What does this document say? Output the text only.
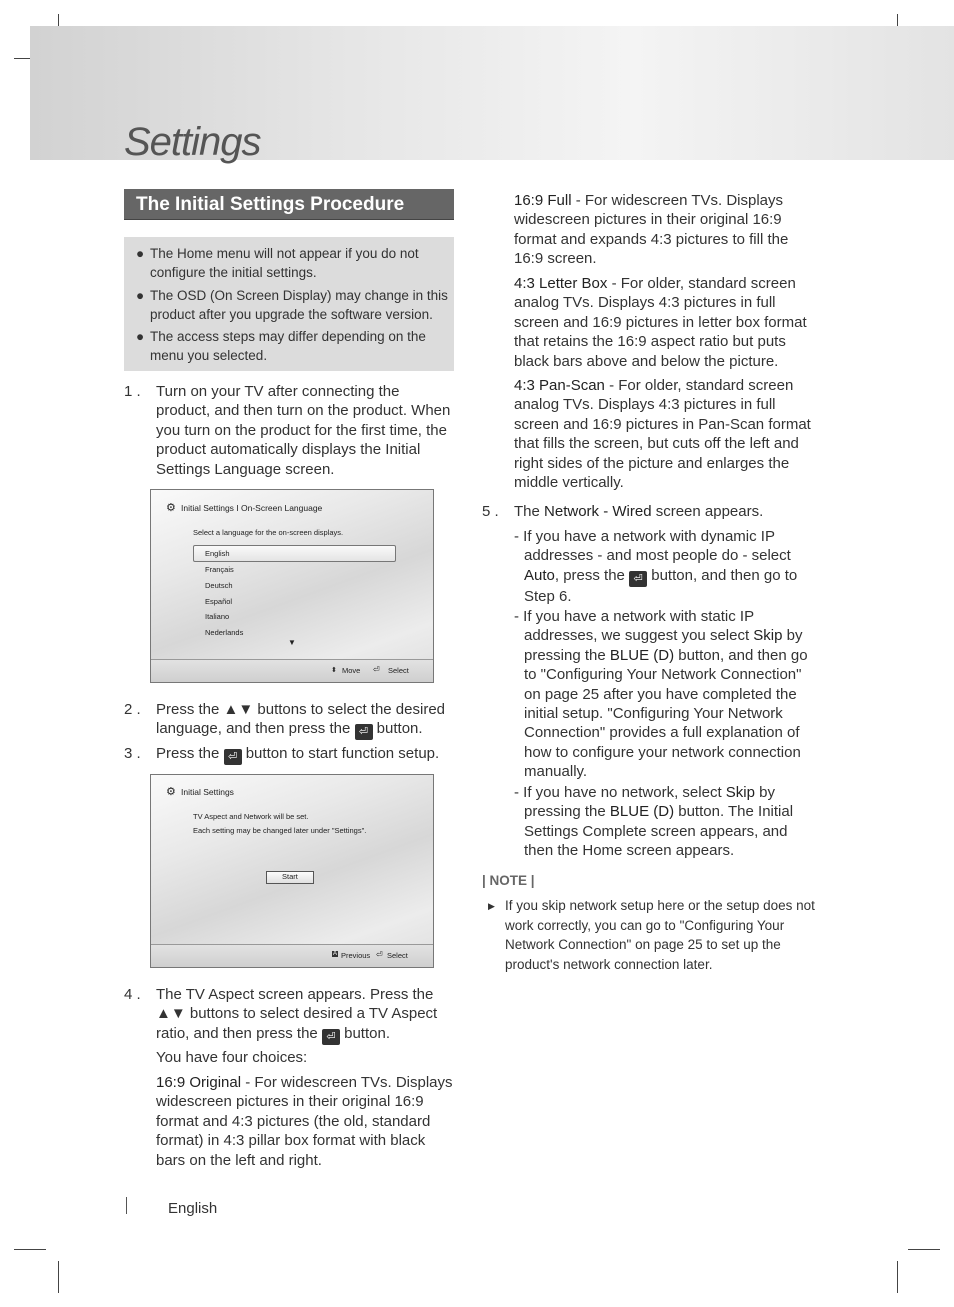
Settings
The Initial Settings Procedure
● The Home menu will not appear if you do not configure the initial settings.
● The OSD (On Screen Display) may change in this product after you upgrade the software version.
● The access steps may differ depending on the menu you selected.
1 . Turn on your TV after connecting the product, and then turn on the product. When you turn on the product for the first time, the product automatically displays the Initial Settings Language screen.
⚙ Initial Settings I On-Screen Language
Select a language for the on-screen displays.
English
Français
Deutsch
Español
Italiano
Nederlands
▼
⬍ Move ⏎ Select
2 . Press the ▲▼ buttons to select the desired language, and then press the ⏎ button.
3 . Press the ⏎ button to start function setup.
⚙ Initial Settings
TV Aspect and Network will be set.
Each setting may be changed later under "Settings".
Start
A Previous ⏎ Select
4 . The TV Aspect screen appears. Press the ▲▼ buttons to select desired a TV Aspect ratio, and then press the ⏎ button.
You have four choices:
16:9 Original - For widescreen TVs. Displays widescreen pictures in their original 16:9 format and 4:3 pictures (the old, standard format) in 4:3 pillar box format with black bars on the left and right.
16:9 Full - For widescreen TVs. Displays widescreen pictures in their original 16:9 format and expands 4:3 pictures to fill the 16:9 screen.
4:3 Letter Box - For older, standard screen analog TVs. Displays 4:3 pictures in full screen and 16:9 pictures in letter box format that retains the 16:9 aspect ratio but puts black bars above and below the picture.
4:3 Pan-Scan - For older, standard screen analog TVs. Displays 4:3 pictures in full screen and 16:9 pictures in Pan-Scan format that fills the screen, but cuts off the left and right sides of the picture and enlarges the middle vertically.
5 . The Network - Wired screen appears.
- If you have a network with dynamic IP addresses - and most people do - select Auto, press the ⏎ button, and then go to Step 6.
- If you have a network with static IP addresses, we suggest you select Skip by pressing the BLUE (D) button, and then go to "Configuring Your Network Connection" on page 25 after you have completed the initial setup. "Configuring Your Network Connection" provides a full explanation of how to configure your network connection manually.
- If you have no network, select Skip by pressing the BLUE (D) button. The Initial Settings Complete screen appears, and then the Home screen appears.
| NOTE |
▶ If you skip network setup here or the setup does not work correctly, you can go to "Configuring Your Network Connection" on page 25 to set up the product's network connection later.
English
